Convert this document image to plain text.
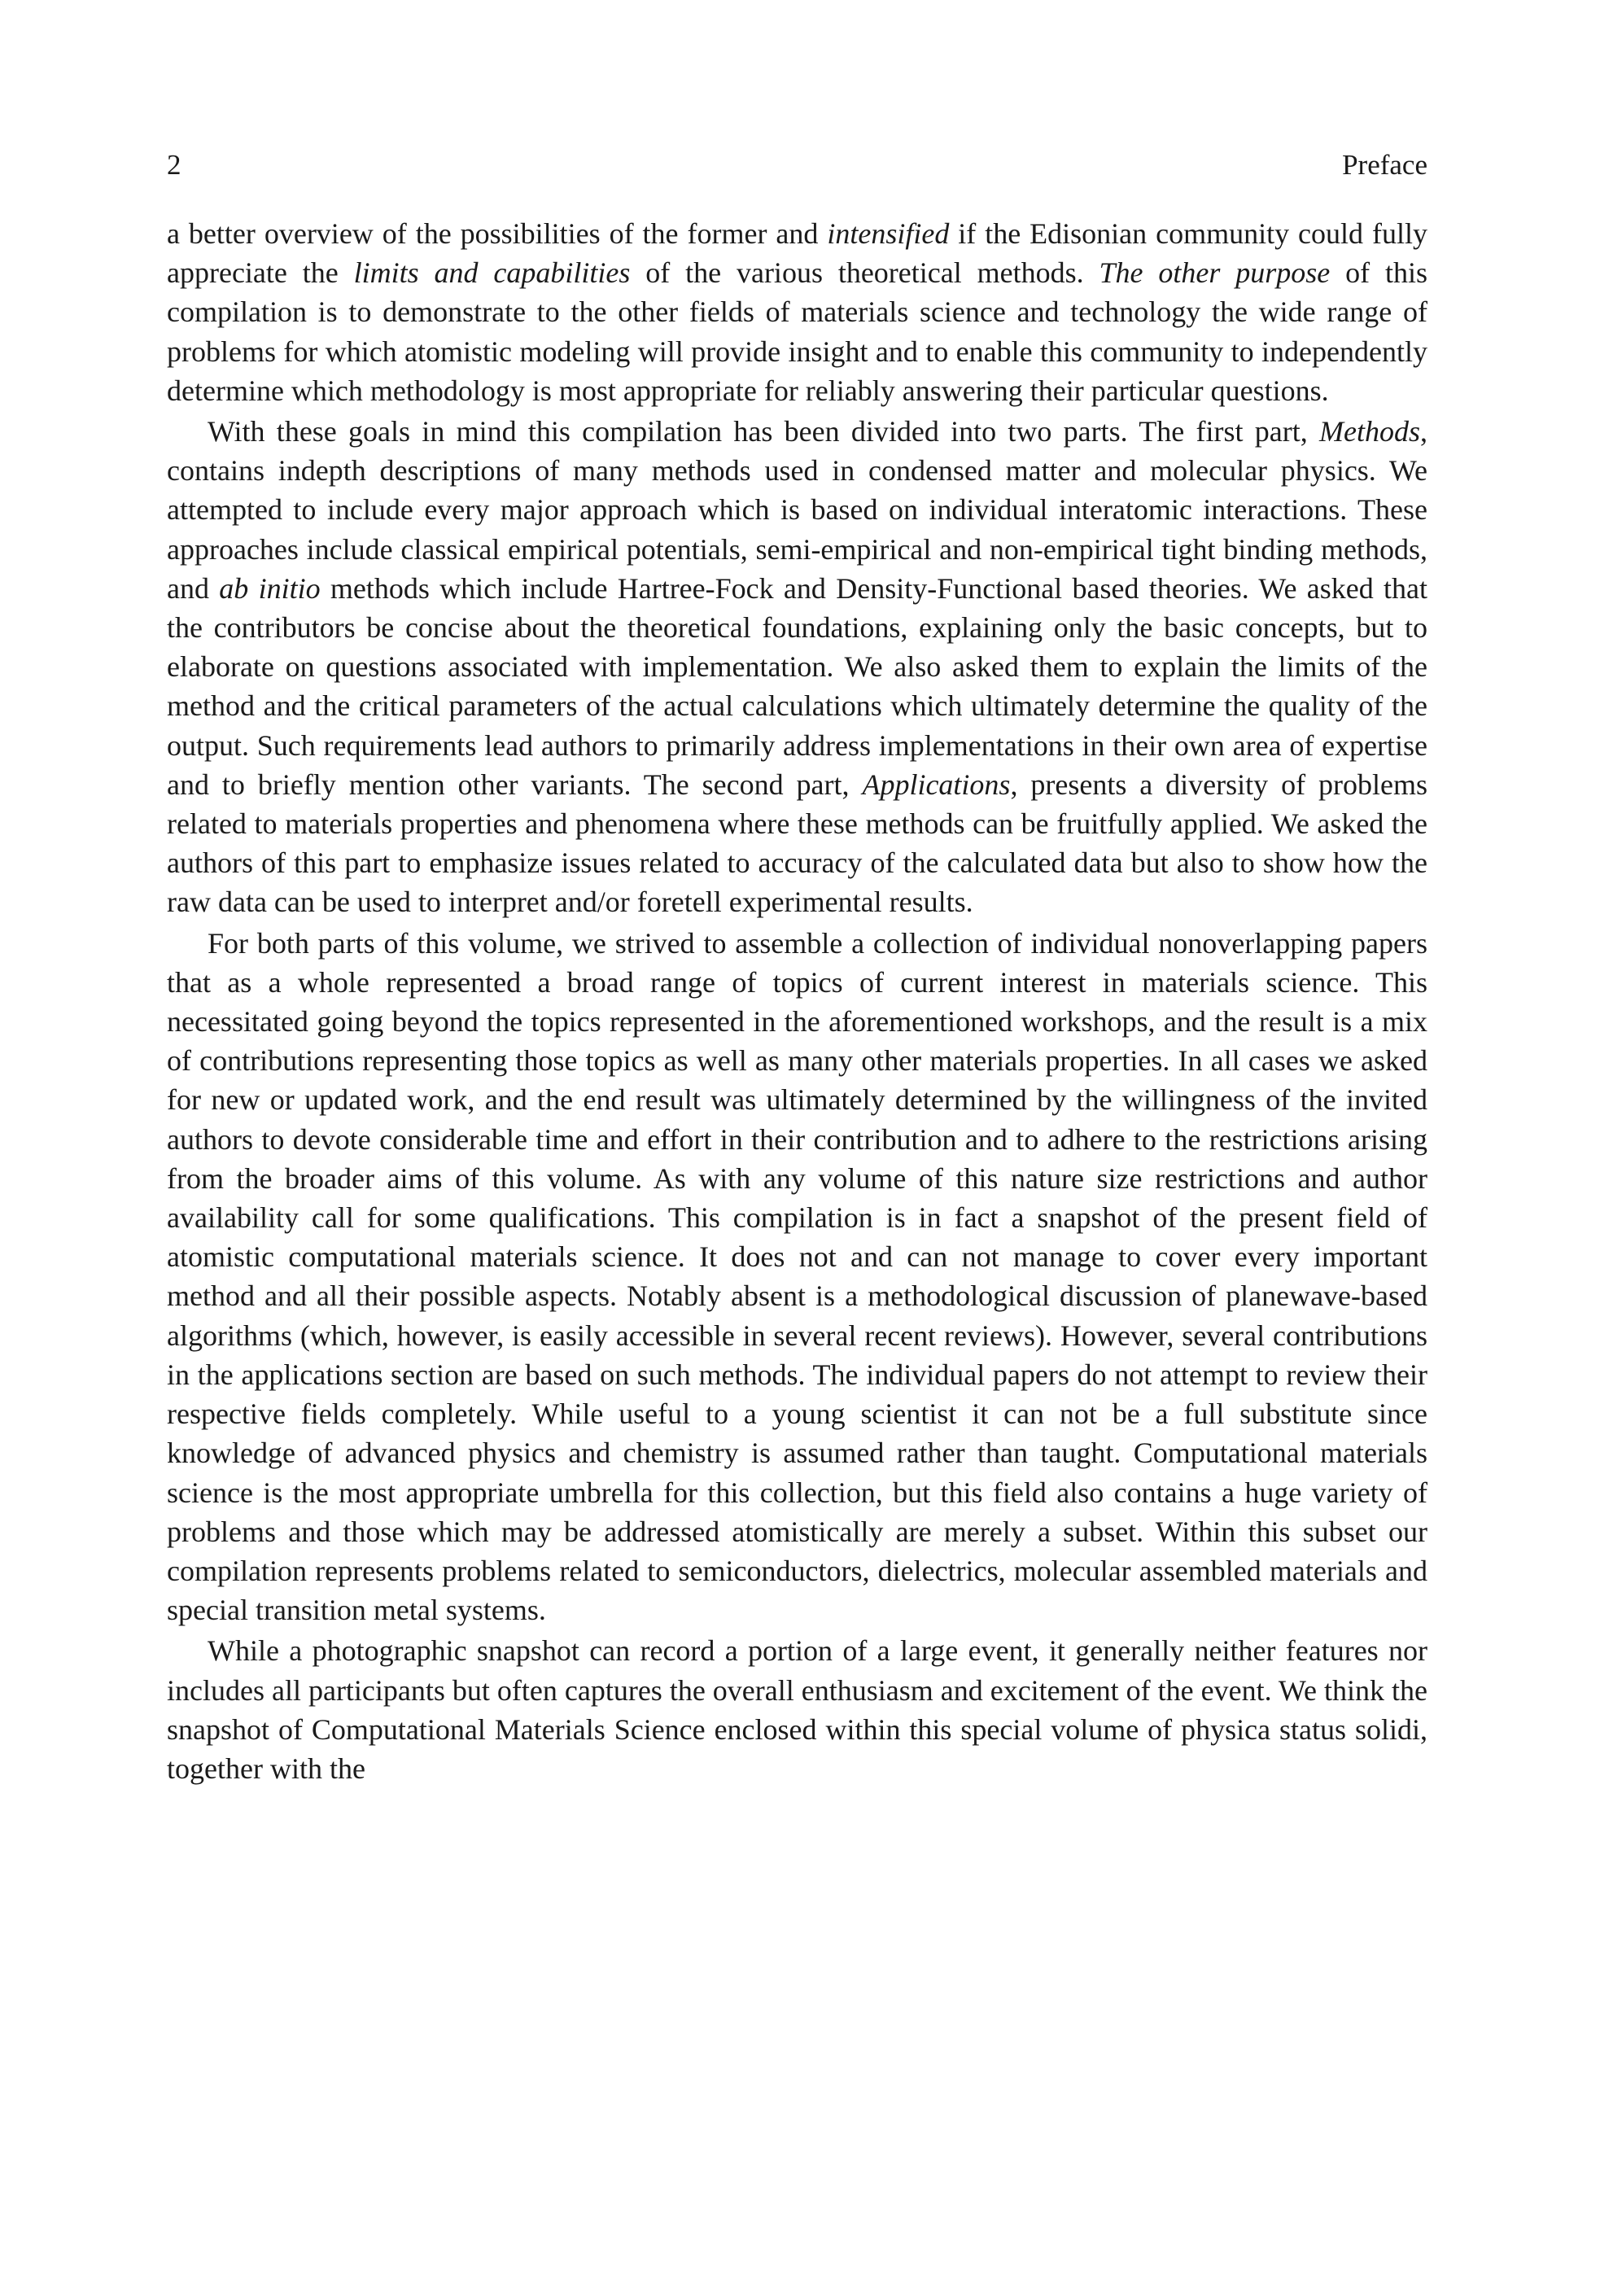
2	Preface

a better overview of the possibilities of the former and intensified if the Edisonian community could fully appreciate the limits and capabilities of the various theoretical methods. The other purpose of this compilation is to demonstrate to the other fields of materials science and technology the wide range of problems for which atomistic modeling will provide insight and to enable this community to independently determine which methodology is most appropriate for reliably answering their particular questions.

With these goals in mind this compilation has been divided into two parts. The first part, Methods, contains indepth descriptions of many methods used in condensed matter and molecular physics. We attempted to include every major approach which is based on individual interatomic interactions. These approaches include classical empirical potentials, semi-empirical and non-empirical tight binding methods, and ab initio methods which include Hartree-Fock and Density-Functional based theories. We asked that the contributors be concise about the theoretical foundations, explaining only the basic concepts, but to elaborate on questions associated with implementation. We also asked them to explain the limits of the method and the critical parameters of the actual calculations which ultimately determine the quality of the output. Such requirements lead authors to primarily address implementations in their own area of expertise and to briefly mention other variants. The second part, Applications, presents a diversity of problems related to materials properties and phenomena where these methods can be fruitfully applied. We asked the authors of this part to emphasize issues related to accuracy of the calculated data but also to show how the raw data can be used to interpret and/or foretell experimental results.

For both parts of this volume, we strived to assemble a collection of individual nonoverlapping papers that as a whole represented a broad range of topics of current interest in materials science. This necessitated going beyond the topics represented in the aforementioned workshops, and the result is a mix of contributions representing those topics as well as many other materials properties. In all cases we asked for new or updated work, and the end result was ultimately determined by the willingness of the invited authors to devote considerable time and effort in their contribution and to adhere to the restrictions arising from the broader aims of this volume. As with any volume of this nature size restrictions and author availability call for some qualifications. This compilation is in fact a snapshot of the present field of atomistic computational materials science. It does not and can not manage to cover every important method and all their possible aspects. Notably absent is a methodological discussion of planewave-based algorithms (which, however, is easily accessible in several recent reviews). However, several contributions in the applications section are based on such methods. The individual papers do not attempt to review their respective fields completely. While useful to a young scientist it can not be a full substitute since knowledge of advanced physics and chemistry is assumed rather than taught. Computational materials science is the most appropriate umbrella for this collection, but this field also contains a huge variety of problems and those which may be addressed atomistically are merely a subset. Within this subset our compilation represents problems related to semiconductors, dielectrics, molecular assembled materials and special transition metal systems.

While a photographic snapshot can record a portion of a large event, it generally neither features nor includes all participants but often captures the overall enthusiasm and excitement of the event. We think the snapshot of Computational Materials Science enclosed within this special volume of physica status solidi, together with the
